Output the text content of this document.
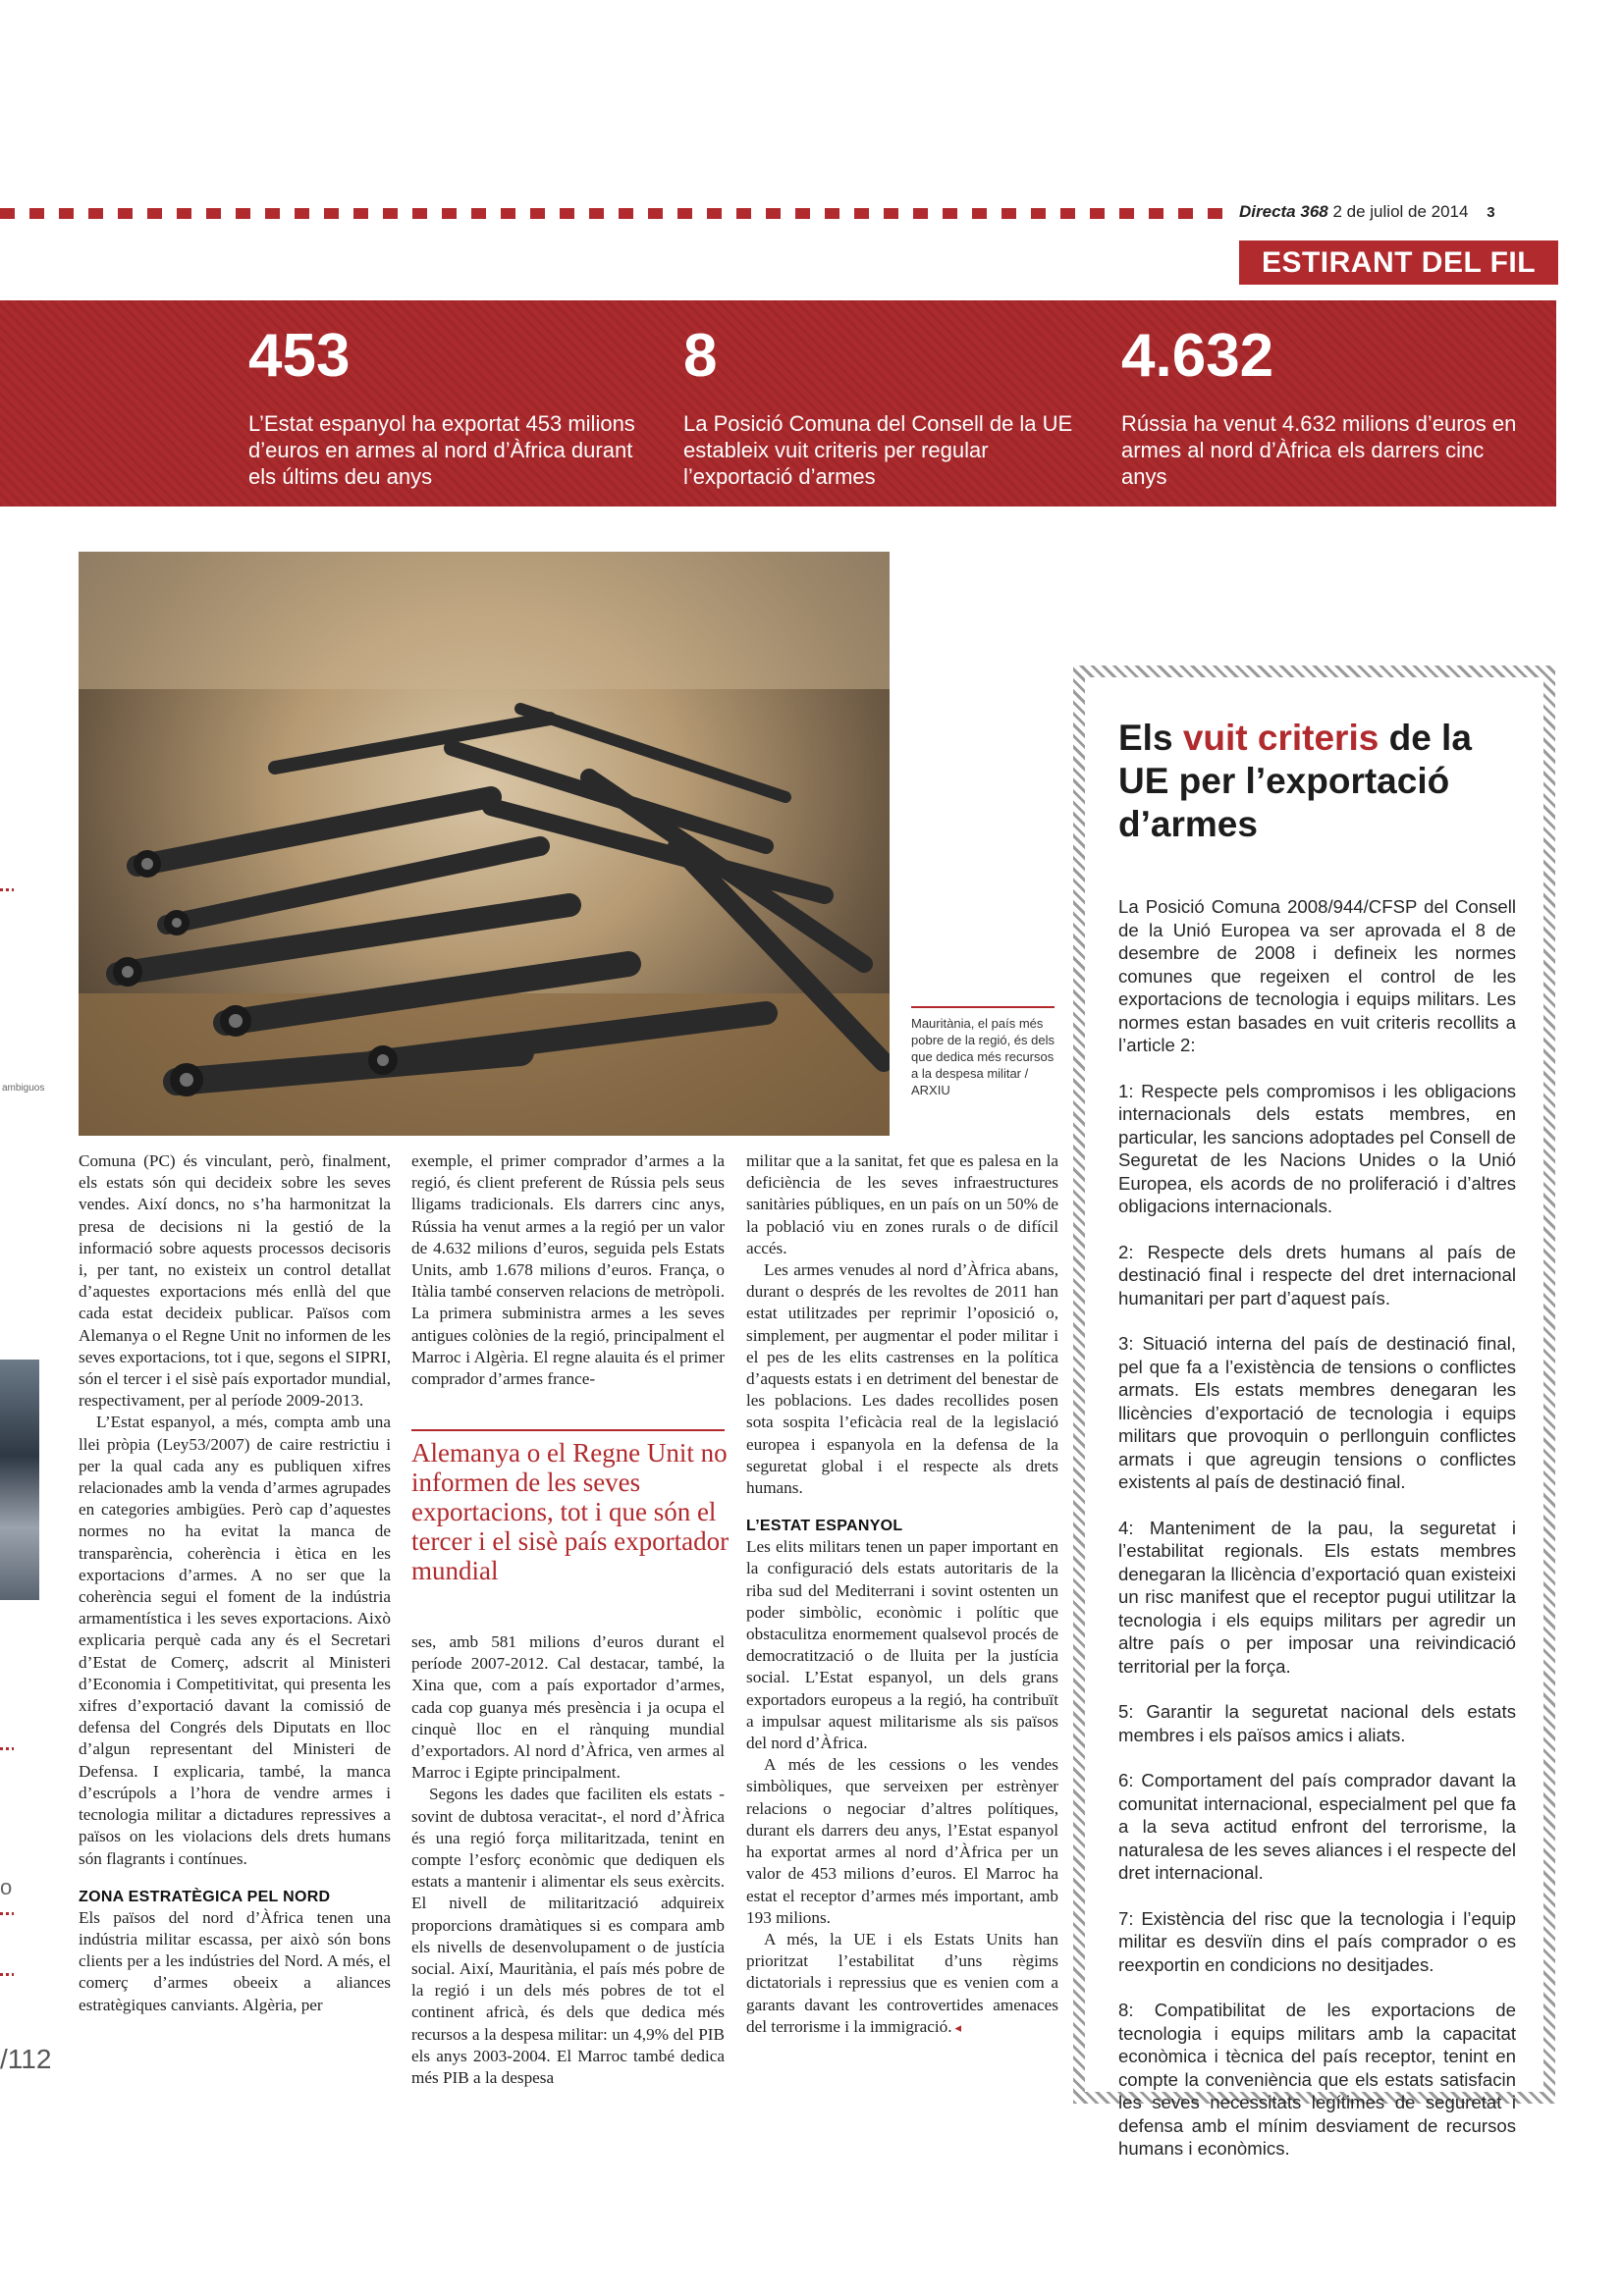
Directa 368 2 de juliol de 2014 3
ESTIRANT DEL FIL
453
L’Estat espanyol ha exportat 453 milions d’euros en armes al nord d’Àfrica durant els últims deu anys
8
La Posició Comuna del Consell de la UE estableix vuit criteris per regular l’exportació d’armes
4.632
Rússia ha venut 4.632 milions d’euros en armes al nord d’Àfrica els darrers cinc anys
Mauritània, el país més pobre de la regió, és dels que dedica més recursos a la despesa militar / ARXIU

Comuna (PC) és vinculant, però, finalment, els estats són qui decideix sobre les seves vendes. Així doncs, no s’ha harmonitzat la presa de decisions ni la gestió de la informació sobre aquests processos decisoris i, per tant, no existeix un control detallat d’aquestes exportacions més enllà del que cada estat decideix publicar. Països com Alemanya o el Regne Unit no informen de les seves exportacions, tot i que, segons el SIPRI, són el tercer i el sisè país exportador mundial, respectivament, per al període 2009-2013.

L’Estat espanyol, a més, compta amb una llei pròpia (Ley53/2007) de caire restrictiu i per la qual cada any es publiquen xifres relacionades amb la venda d’armes agrupades en categories ambigües. Però cap d’aquestes normes no ha evitat la manca de transparència, coherència i ètica en les exportacions d’armes. A no ser que la coherència segui el foment de la indústria armamentística i les seves exportacions. Això explicaria perquè cada any és el Secretari d’Estat de Comerç, adscrit al Ministeri d’Economia i Competitivitat, qui presenta les xifres d’exportació davant la comissió de defensa del Congrés dels Diputats en lloc d’algun representant del Ministeri de Defensa. I explicaria, també, la manca d’escrúpols a l’hora de vendre armes i tecnologia militar a dictadures repressives a països on les violacions dels drets humans són flagrants i contínues.

ZONA ESTRATÈGICA PEL NORD

Els països del nord d’Àfrica tenen una indústria militar escassa, per això són bons clients per a les indústries del Nord. A més, el comerç d’armes obeeix a aliances estratègiques canviants. Algèria, per

exemple, el primer comprador d’armes a la regió, és client preferent de Rússia pels seus lligams tradicionals. Els darrers cinc anys, Rússia ha venut armes a la regió per un valor de 4.632 milions d’euros, seguida pels Estats Units, amb 1.678 milions d’euros. França, o Itàlia també conserven relacions de metròpoli. La primera subministra armes a les seves antigues colònies de la regió, principalment el Marroc i Algèria. El regne alauita és el primer comprador d’armes france-

Alemanya o el Regne Unit no informen de les seves exportacions, tot i que són el tercer i el sisè país exportador mundial

ses, amb 581 milions d’euros durant el període 2007-2012. Cal destacar, també, la Xina que, com a país exportador d’armes, cada cop guanya més presència i ja ocupa el cinquè lloc en el rànquing mundial d’exportadors. Al nord d’Àfrica, ven armes al Marroc i Egipte principalment.

Segons les dades que faciliten els estats -sovint de dubtosa veracitat-, el nord d’Àfrica és una regió força militaritzada, tenint en compte l’esforç econòmic que dediquen els estats a mantenir i alimentar els seus exèrcits. El nivell de militarització adquireix proporcions dramàtiques si es compara amb els nivells de desenvolupament o de justícia social. Així, Mauritània, el país més pobre de la regió i un dels més pobres de tot el continent africà, és dels que dedica més recursos a la despesa militar: un 4,9% del PIB els anys 2003-2004. El Marroc també dedica més PIB a la despesa

militar que a la sanitat, fet que es palesa en la deficiència de les seves infraestructures sanitàries públiques, en un país on un 50% de la població viu en zones rurals o de difícil accés.

Les armes venudes al nord d’Àfrica abans, durant o després de les revoltes de 2011 han estat utilitzades per reprimir l’oposició o, simplement, per augmentar el poder militar i el pes de les elits castrenses en la política d’aquests estats i en detriment del benestar de les poblacions. Les dades recollides posen sota sospita l’eficàcia real de la legislació europea i espanyola en la defensa de la seguretat global i el respecte als drets humans.

L’ESTAT ESPANYOL

Les elits militars tenen un paper important en la configuració dels estats autoritaris de la riba sud del Mediterrani i sovint ostenten un poder simbòlic, econòmic i polític que obstaculitza enormement qualsevol procés de democratització o de lluita per la justícia social. L’Estat espanyol, un dels grans exportadors europeus a la regió, ha contribuït a impulsar aquest militarisme als sis països del nord d’Àfrica.

A més de les cessions o les vendes simbòliques, que serveixen per estrènyer relacions o negociar d’altres polítiques, durant els darrers deu anys, l’Estat espanyol ha exportat armes al nord d’Àfrica per un valor de 453 milions d’euros. El Marroc ha estat el receptor d’armes més important, amb 193 milions.

A més, la UE i els Estats Units han prioritzat l’estabilitat d’uns règims dictatorials i repressius que es venien com a garants davant les controvertides amenaces del terrorisme i la immigració. ◂

Els vuit criteris de la UE per l’exportació d’armes

La Posició Comuna 2008/944/CFSP del Consell de la Unió Europea va ser aprovada el 8 de desembre de 2008 i defineix les normes comunes que regeixen el control de les exportacions de tecnologia i equips militars. Les normes estan basades en vuit criteris recollits a l’article 2:

1: Respecte pels compromisos i les obligacions internacionals dels estats membres, en particular, les sancions adoptades pel Consell de Seguretat de les Nacions Unides o la Unió Europea, els acords de no proliferació i d’altres obligacions internacionals.

2: Respecte dels drets humans al país de destinació final i respecte del dret internacional humanitari per part d’aquest país.

3: Situació interna del país de destinació final, pel que fa a l’existència de tensions o conflictes armats. Els estats membres denegaran les llicències d’exportació de tecnologia i equips militars que provoquin o perllonguin conflictes armats i que agreugin tensions o conflictes existents al país de destinació final.

4: Manteniment de la pau, la seguretat i l’estabilitat regionals. Els estats membres denegaran la llicència d’exportació quan existeixi un risc manifest que el receptor pugui utilitzar la tecnologia i els equips militars per agredir un altre país o per imposar una reivindicació territorial per la força.

5: Garantir la seguretat nacional dels estats membres i els països amics i aliats.

6: Comportament del país comprador davant la comunitat internacional, especialment pel que fa a la seva actitud enfront del terrorisme, la naturalesa de les seves aliances i el respecte del dret internacional.

7: Existència del risc que la tecnologia i l’equip militar es desviïn dins el país comprador o es reexportin en condicions no desitjades.

8: Compatibilitat de les exportacions de tecnologia i equips militars amb la capacitat econòmica i tècnica del país receptor, tenint en compte la conveniència que els estats satisfacin les seves necessitats legítimes de seguretat i defensa amb el mínim desviament de recursos humans i econòmics.

ambiguos
o
/112
